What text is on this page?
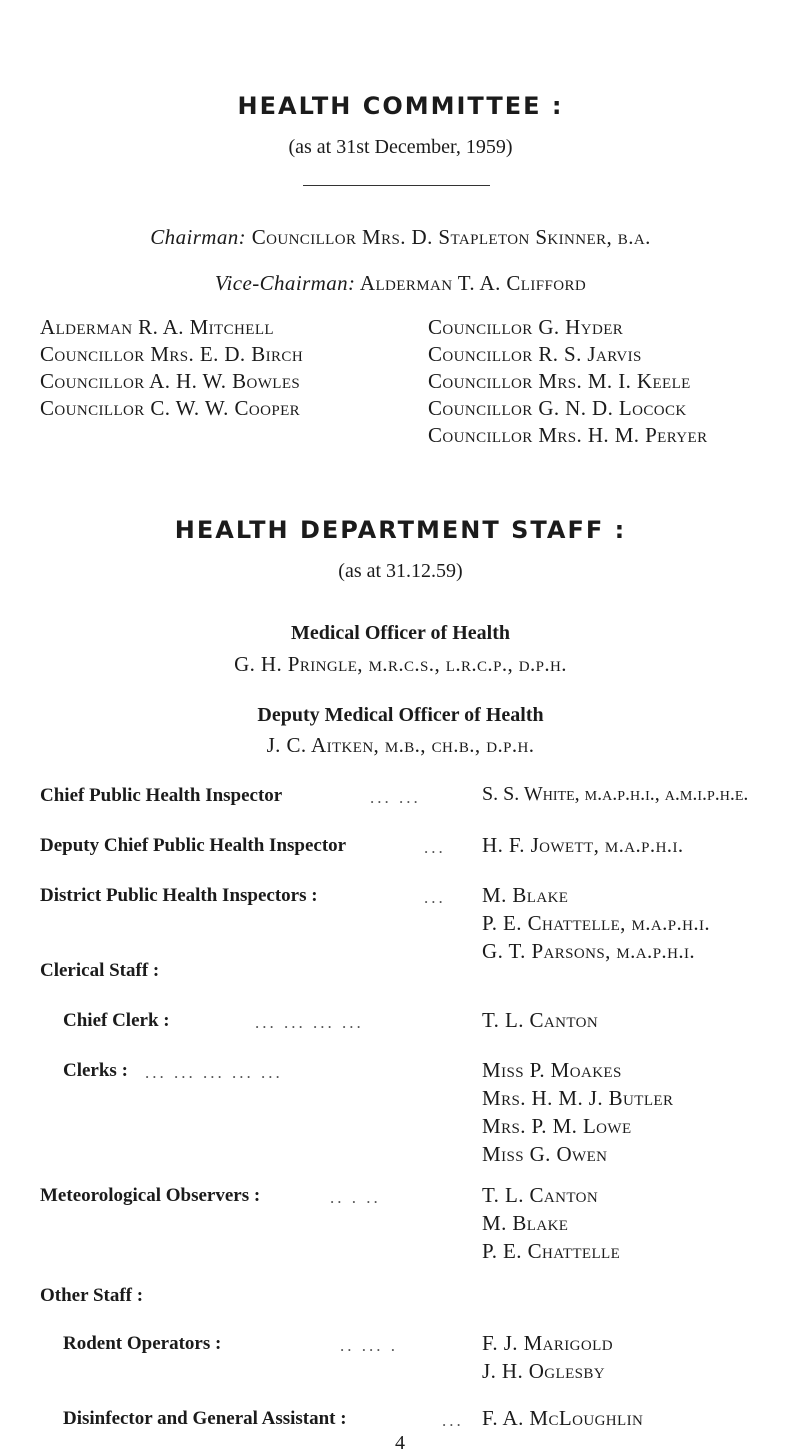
HEALTH COMMITTEE :
(as at 31st December, 1959)
Chairman: Councillor Mrs. D. Stapleton Skinner, b.a.
Vice-Chairman: Alderman T. A. Clifford
Alderman R. A. Mitchell
Councillor Mrs. E. D. Birch
Councillor A. H. W. Bowles
Councillor C. W. W. Cooper
Councillor G. Hyder
Councillor R. S. Jarvis
Councillor Mrs. M. I. Keele
Councillor G. N. D. Locock
Councillor Mrs. H. M. Peryer
HEALTH DEPARTMENT STAFF :
(as at 31.12.59)
Medical Officer of Health
G. H. Pringle, m.r.c.s., l.r.c.p., d.p.h.
Deputy Medical Officer of Health
J. C. Aitken, m.b., ch.b., d.p.h.
Chief Public Health Inspector	... ...	S. S. White, m.a.p.h.i., a.m.i.p.h.e.
Deputy Chief Public Health Inspector	... H. F. Jowett, m.a.p.h.i.
District Public Health Inspectors :	... M. Blake
P. E. Chattelle, m.a.p.h.i.
G. T. Parsons, m.a.p.h.i.
Clerical Staff :
Chief Clerk :	... ... ... ...	T. L. Canton
Clerks : ... ... ... ... ...	Miss P. Moakes
Mrs. H. M. J. Butler
Mrs. P. M. Lowe
Miss G. Owen
Meteorological Observers :	.. . ..	T. L. Canton
M. Blake
P. E. Chattelle
Other Staff :
Rodent Operators :	.. ... .	F. J. Marigold
J. H. Oglesby
Disinfector and General Assistant :	... F. A. McLoughlin
4
